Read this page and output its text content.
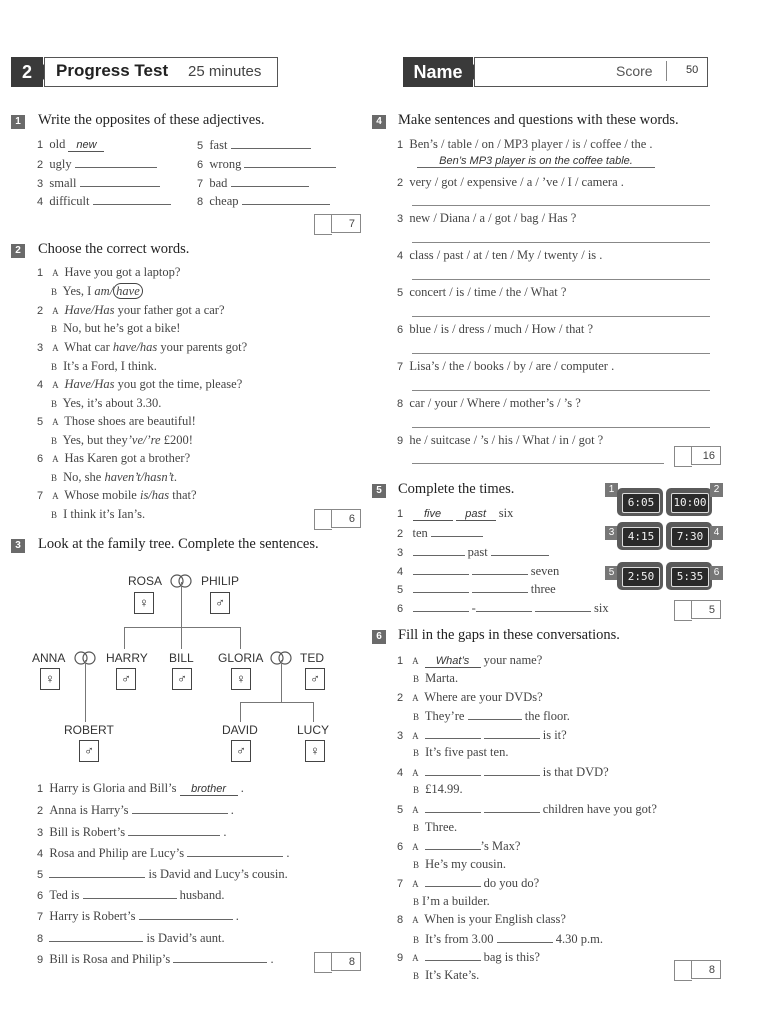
2	Progress Test 25 minutes	Name	Score	50
1 Write the opposites of these adjectives.
1 old new
2 ugly
3 small
4 difficult
5 fast
6 wrong
7 bad
8 cheap
7
2 Choose the correct words.
1 A Have you got a laptop?
B Yes, I am/ have
2 A Have/Has your father got a car?
B No, but he’s got a bike!
3 A What car have/has your parents got?
B It’s a Ford, I think.
4 A Have/Has you got the time, please?
B Yes, it’s about 3.30.
5 A Those shoes are beautiful!
B Yes, but they’ve/’re £200!
6 A Has Karen got a brother?
B No, she haven’t/hasn’t.
7 A Whose mobile is/has that?
B I think it’s Ian’s.	6
3 Look at the family tree. Complete the sentences.
ROSA	PHILIP
♀	♂
ANNA	HARRY BILL GLORIA	TED
♀	♂	♂	♀	♂
ROBERT	DAVID	LUCY
♂	♂	♀
1 Harry is Gloria and Bill’s brother .
2 Anna is Harry’s	.
3 Bill is Robert’s	.
4 Rosa and Philip are Lucy’s	.
5	is David and Lucy’s cousin.
6 Ted is	husband.
7 Harry is Robert’s	.
8	is David’s aunt.
9 Bill is Rosa and Philip’s	.	8
4 Make sentences and questions with these words.
1 Ben’s / table / on / MP3 player / is / coffee / the .
Ben’s MP3 player is on the coffee table.
2 very / got / expensive / a / ’ve / I / camera .
3 new / Diana / a / got / bag / Has ?
4 class / past / at / ten / My / twenty / is .
5 concert / is / time / the / What ?
6 blue / is / dress / much / How / that ?
7 Lisa’s / the / books / by / are / computer .
8 car / your / Where / mother’s / ’s ?
9 he / suitcase / ’s / his / What / in / got ?
16
5 Complete the times.
1 five past six
2 ten
3	past
4	seven
5	three
6	-	six	5
1
6:05	10:00
2
3	4:15	7:30	4
5	2:50	5:35	6
6 Fill in the gaps in these conversations.
1 A What’s your name?
B Marta.
2 A Where are your DVDs?
B They’re	the floor.
3 A	is it?
B It’s five past ten.
4 A	is that DVD?
B £14.99.
5 A	children have you got?
B Three.
6 A	’s Max?
B He’s my cousin.
7 A	do you do?
B I’m a builder.
8 A When is your English class?
B It’s from 3.00	4.30 p.m.
9 A	bag is this?
B It’s Kate’s.	8
